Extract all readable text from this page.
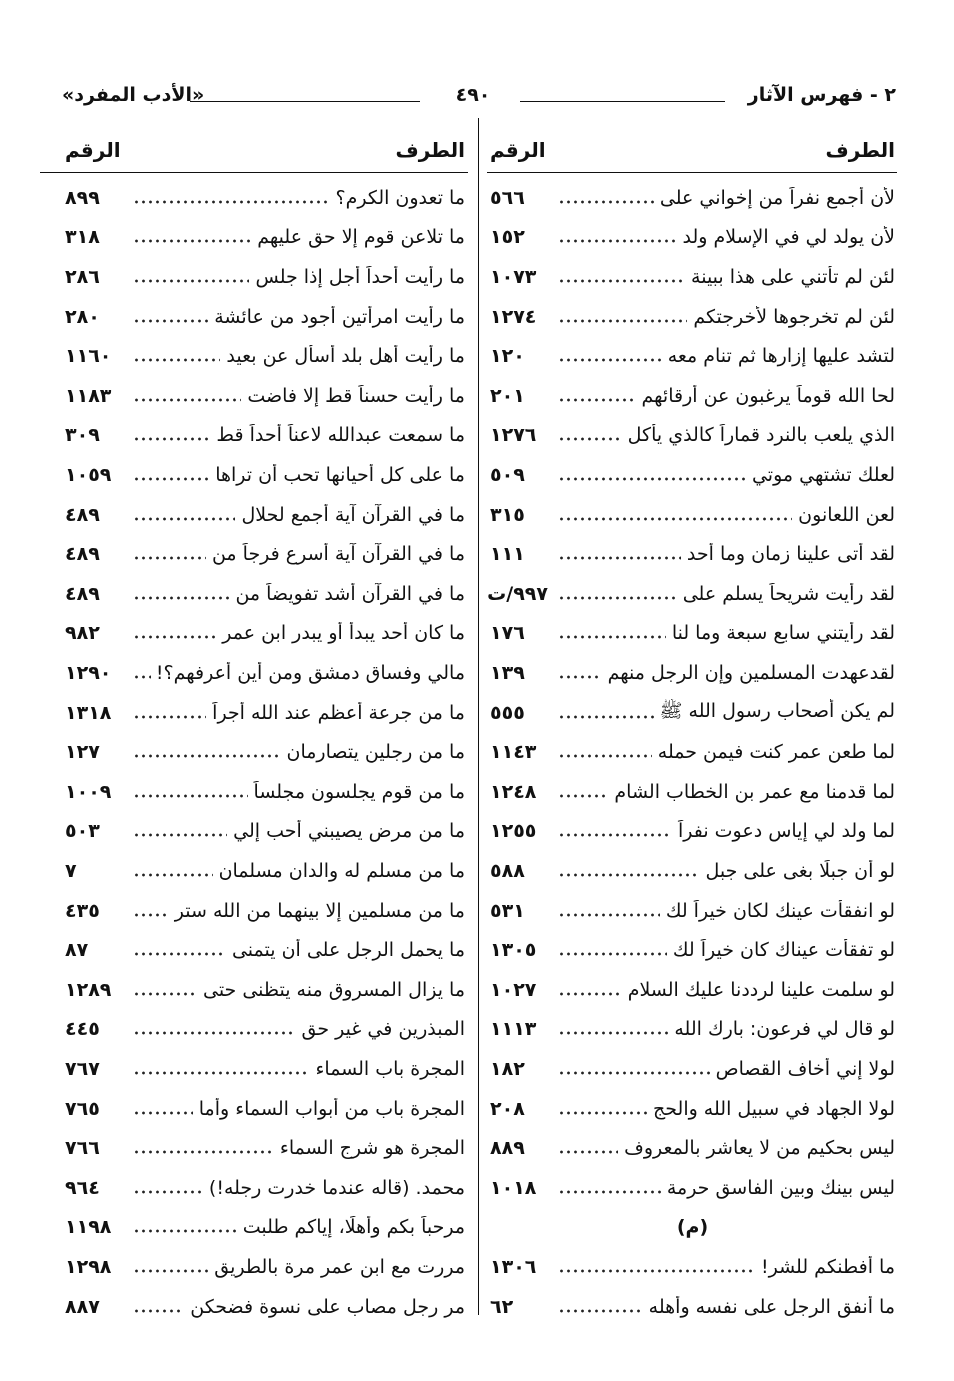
٢ - فهرس الآثار
٤٩٠
«الأدب المفرد»
الطرف
الرقم
لأن أجمع نفراً من إخواني على
٥٦٦
لأن يولد لي في الإسلام ولد
١٥٢
لئن لم تأتني على هذا ببينة
١٠٧٣
لئن لم تخرجوها لأخرجتكم
١٢٧٤
لتشد عليها إزارها ثم تنام معه
١٢٠
لحا الله قوماً يرغبون عن أرقائهم
٢٠١
الذي يلعب بالنرد قماراً كالذي يأكل
١٢٧٦
لعلك تشتهي موتي
٥٠٩
لعن اللعانون
٣١٥
لقد أتى علينا زمان وما أحد
١١١
لقد رأيت شريحاً يسلم على
٩٩٧/ت
لقد رأيتني سابع سبعة وما لنا
١٧٦
لقدعهدت المسلمين وإن الرجل منهم
١٣٩
لم يكن أصحاب رسول الله ﷺ
٥٥٥
لما طعن عمر كنت فيمن حمله
١١٤٣
لما قدمنا مع عمر بن الخطاب الشام
١٢٤٨
لما ولد لي إياس دعوت نفراً
١٢٥٥
لو أن جبلًا بغى على جبل
٥٨٨
لو انفقأت عينك لكان خيراً لك
٥٣١
لو تفقأت عيناك كان خيراً لك
١٣٠٥
لو سلمت علينا لرددنا عليك السلام
١٠٢٧
لو قال لي فرعون: بارك الله
١١١٣
لولا إني أخاف القصاص
١٨٢
لولا الجهاد في سبيل الله والحج
٢٠٨
ليس بحكيم من لا يعاشر بالمعروف
٨٨٩
ليس بينك وبين الفاسق حرمة
١٠١٨
(م)
ما أفطنكم للشر!
١٣٠٦
ما أنفق الرجل على نفسه وأهله
٦٢
الطرف
الرقم
ما تعدون الكرم؟
٨٩٩
ما تلاعن قوم إلا حق عليهم
٣١٨
ما رأيت أحداً أجل إذا جلس
٢٨٦
ما رأيت امرأتين أجود من عائشة
٢٨٠
ما رأيت أهل بلد أسأل عن بعيد
١١٦٠
ما رأيت حسناً قط إلا فاضت
١١٨٣
ما سمعت عبدالله لاعناً أحداً قط
٣٠٩
ما على كل أحيانها تحب أن تراها
١٠٥٩
ما في القرآن آية أجمع لحلال
٤٨٩
ما في القرآن آية أسرع فرجاً من
٤٨٩
ما في القرآن أشد تفويضاً من
٤٨٩
ما كان أحد يبدأ أو يبدر ابن عمر
٩٨٢
مالي وفساق دمشق ومن أين أعرفهم؟!
١٢٩٠
ما من جرعة أعظم عند الله أجراً
١٣١٨
ما من رجلين يتصارمان
١٢٧
ما من قوم يجلسون مجلساً
١٠٠٩
ما من مرض يصيبني أحب إلي
٥٠٣
ما من مسلم له والدان مسلمان
٧
ما من مسلمين إلا بينهما من الله ستر
٤٣٥
ما يحمل الرجل على أن يتمنى
٨٧
ما يزال المسروق منه يتظنى حتى
١٢٨٩
المبذرين في غير حق
٤٤٥
المجرة باب السماء
٧٦٧
المجرة باب من أبواب السماء وأما
٧٦٥
المجرة هو شرج السماء
٧٦٦
محمد. (قاله عندما خدرت رجله!)
٩٦٤
مرحباً بكم وأهلًا، إياكم طلبت
١١٩٨
مررت مع ابن عمر مرة بالطريق
١٢٩٨
مر رجل مصاب على نسوة فضحكن
٨٨٧
